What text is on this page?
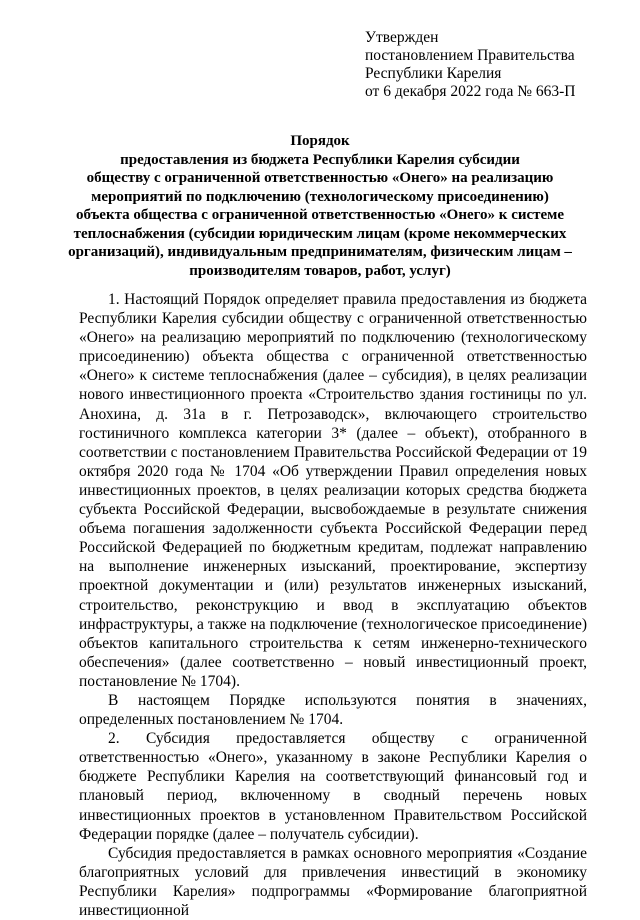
Утвержден
постановлением Правительства
Республики Карелия
от 6 декабря 2022 года № 663-П
Порядок
предоставления из бюджета Республики Карелия субсидии
обществу с ограниченной ответственностью «Онего» на реализацию
мероприятий по подключению (технологическому присоединению)
объекта общества с ограниченной ответственностью «Онего» к системе
теплоснабжения (субсидии юридическим лицам (кроме некоммерческих
организаций), индивидуальным предпринимателям, физическим лицам –
производителям товаров, работ, услуг)

1. Настоящий Порядок определяет правила предоставления из бюджета Республики Карелия субсидии обществу с ограниченной ответственностью «Онего» на реализацию мероприятий по подключению (технологическому присоединению) объекта общества с ограниченной ответственностью «Онего» к системе теплоснабжения (далее – субсидия), в целях реализации нового инвестиционного проекта «Строительство здания гостиницы по ул. Анохина, д. 31а в г. Петрозаводск», включающего строительство гостиничного комплекса категории 3* (далее – объект), отобранного в соответствии с постановлением Правительства Российской Федерации от 19 октября 2020 года № 1704 «Об утверждении Правил определения новых инвестиционных проектов, в целях реализации которых средства бюджета субъекта Российской Федерации, высвобождаемые в результате снижения объема погашения задолженности субъекта Российской Федерации перед Российской Федерацией по бюджетным кредитам, подлежат направлению на выполнение инженерных изысканий, проектирование, экспертизу проектной документации и (или) результатов инженерных изысканий, строительство, реконструкцию и ввод в эксплуатацию объектов инфраструктуры, а также на подключение (технологическое присоединение) объектов капитального строительства к сетям инженерно-технического обеспечения» (далее соответственно – новый инвестиционный проект, постановление № 1704).

В настоящем Порядке используются понятия в значениях, определенных постановлением № 1704.

2. Субсидия предоставляется обществу с ограниченной ответственностью «Онего», указанному в законе Республики Карелия о бюджете Республики Карелия на соответствующий финансовый год и плановый период, включенному в сводный перечень новых инвестиционных проектов в установленном Правительством Российской Федерации порядке (далее – получатель субсидии).

Субсидия предоставляется в рамках основного мероприятия «Создание благоприятных условий для привлечения инвестиций в экономику Республики Карелия» подпрограммы «Формирование благоприятной инвестиционной
